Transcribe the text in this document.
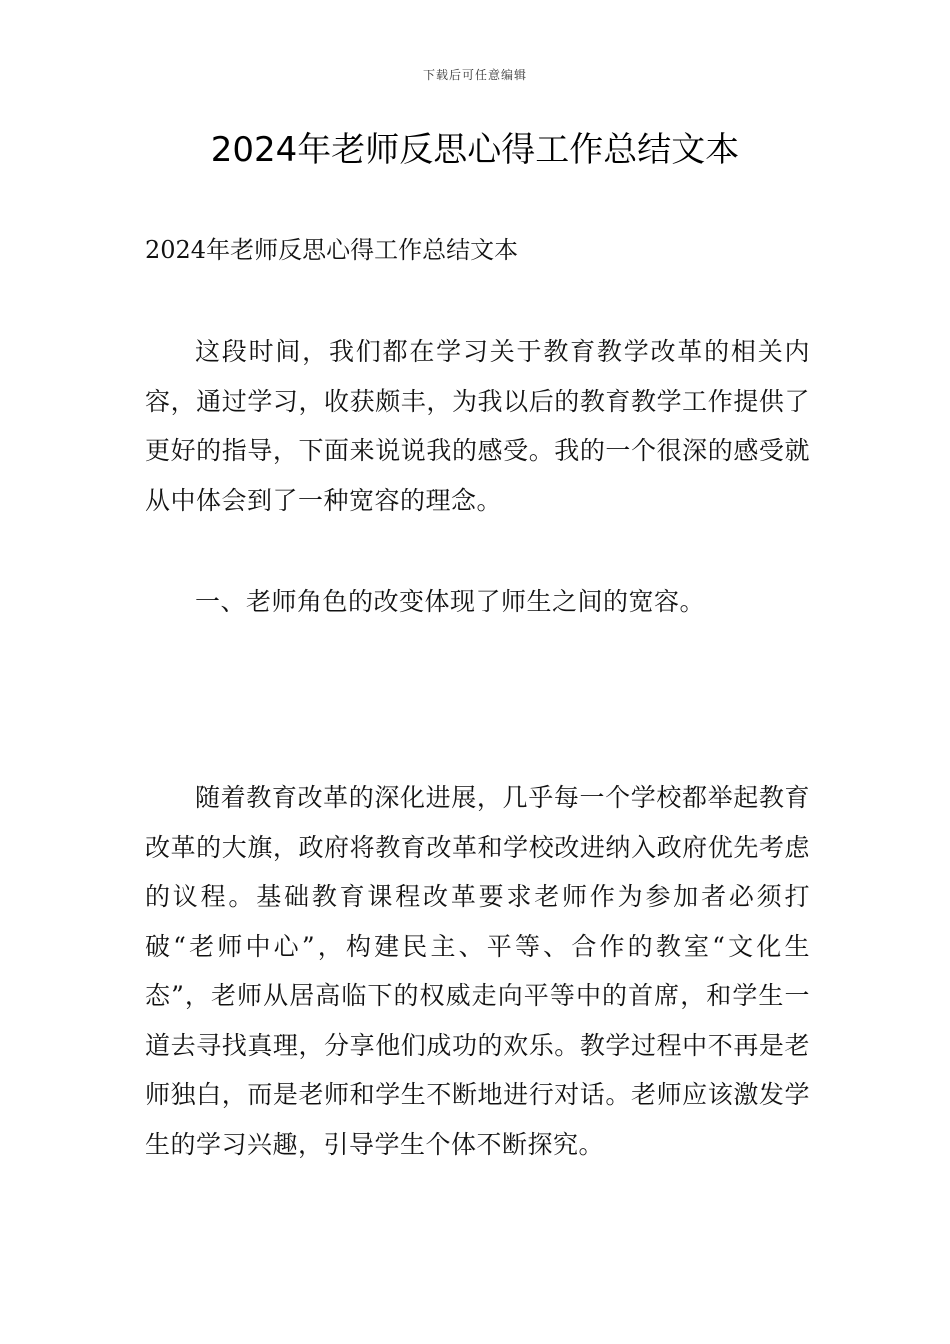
下载后可任意编辑
2024年老师反思心得工作总结文本

2024年老师反思心得工作总结文本

这段时间，我们都在学习关于教育教学改革的相关内容，通过学习，收获颇丰，为我以后的教育教学工作提供了更好的指导，下面来说说我的感受。我的一个很深的感受就从中体会到了一种宽容的理念。

一、老师角色的改变体现了师生之间的宽容。

随着教育改革的深化进展，几乎每一个学校都举起教育改革的大旗，政府将教育改革和学校改进纳入政府优先考虑的议程。基础教育课程改革要求老师作为参加者必须打破“老师中心”，构建民主、平等、合作的教室“文化生态”，老师从居高临下的权威走向平等中的首席，和学生一道去寻找真理，分享他们成功的欢乐。教学过程中不再是老师独白，而是老师和学生不断地进行对话。老师应该激发学生的学习兴趣，引导学生个体不断探究。
